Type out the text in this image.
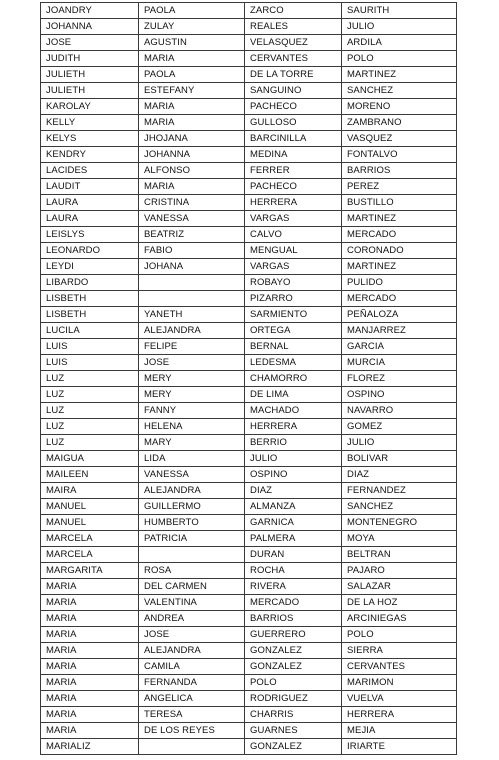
JOANDRY	PAOLA	ZARCO	SAURITH
JOHANNA	ZULAY	REALES	JULIO
JOSE	AGUSTIN	VELASQUEZ	ARDILA
JUDITH	MARIA	CERVANTES	POLO
JULIETH	PAOLA	DE LA TORRE	MARTINEZ
JULIETH	ESTEFANY	SANGUINO	SANCHEZ
KAROLAY	MARIA	PACHECO	MORENO
KELLY	MARIA	GULLOSO	ZAMBRANO
KELYS	JHOJANA	BARCINILLA	VASQUEZ
KENDRY	JOHANNA	MEDINA	FONTALVO
LACIDES	ALFONSO	FERRER	BARRIOS
LAUDIT	MARIA	PACHECO	PEREZ
LAURA	CRISTINA	HERRERA	BUSTILLO
LAURA	VANESSA	VARGAS	MARTINEZ
LEISLYS	BEATRIZ	CALVO	MERCADO
LEONARDO	FABIO	MENGUAL	CORONADO
LEYDI	JOHANA	VARGAS	MARTINEZ
LIBARDO		ROBAYO	PULIDO
LISBETH		PIZARRO	MERCADO
LISBETH	YANETH	SARMIENTO	PEÑALOZA
LUCILA	ALEJANDRA	ORTEGA	MANJARREZ
LUIS	FELIPE	BERNAL	GARCIA
LUIS	JOSE	LEDESMA	MURCIA
LUZ	MERY	CHAMORRO	FLOREZ
LUZ	MERY	DE LIMA	OSPINO
LUZ	FANNY	MACHADO	NAVARRO
LUZ	HELENA	HERRERA	GOMEZ
LUZ	MARY	BERRIO	JULIO
MAIGUA	LIDA	JULIO	BOLIVAR
MAILEEN	VANESSA	OSPINO	DIAZ
MAIRA	ALEJANDRA	DIAZ	FERNANDEZ
MANUEL	GUILLERMO	ALMANZA	SANCHEZ
MANUEL	HUMBERTO	GARNICA	MONTENEGRO
MARCELA	PATRICIA	PALMERA	MOYA
MARCELA		DURAN	BELTRAN
MARGARITA	ROSA	ROCHA	PAJARO
MARIA	DEL CARMEN	RIVERA	SALAZAR
MARIA	VALENTINA	MERCADO	DE LA HOZ
MARIA	ANDREA	BARRIOS	ARCINIEGAS
MARIA	JOSE	GUERRERO	POLO
MARIA	ALEJANDRA	GONZALEZ	SIERRA
MARIA	CAMILA	GONZALEZ	CERVANTES
MARIA	FERNANDA	POLO	MARIMON
MARIA	ANGELICA	RODRIGUEZ	VUELVA
MARIA	TERESA	CHARRIS	HERRERA
MARIA	DE LOS REYES	GUARNES	MEJIA
MARIALIZ		GONZALEZ	IRIARTE
